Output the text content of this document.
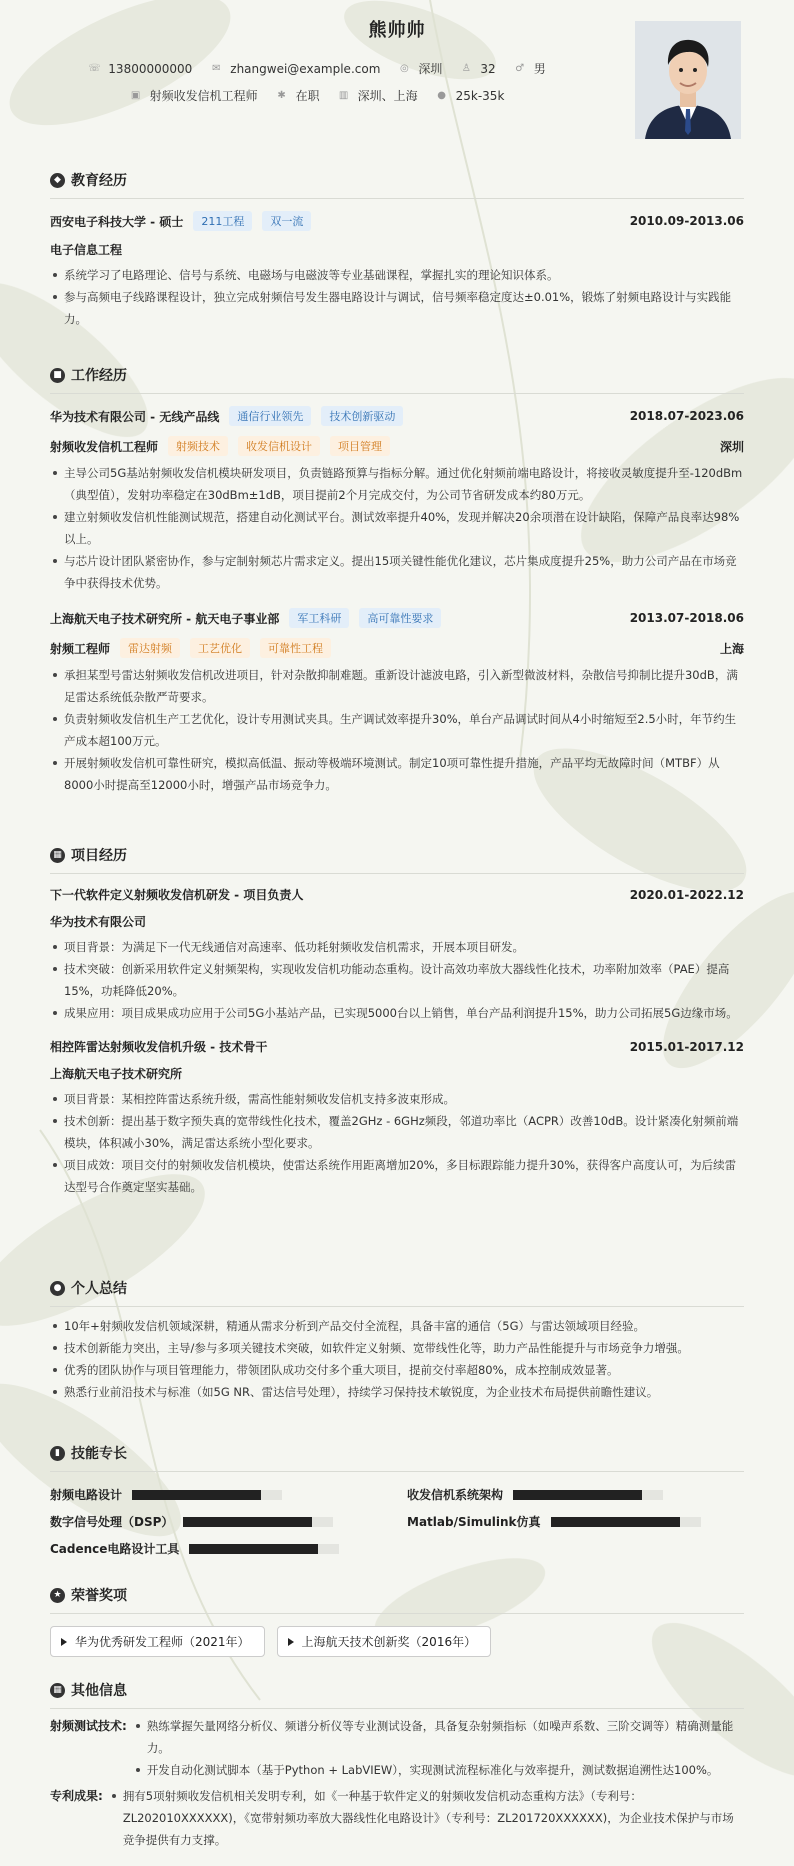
熊帅帅
☏ 13800000000 ✉ zhangwei@example.com ◎ 深圳 ♙ 32 ♂ 男
▣ 射频收发信机工程师 ✱ 在职 ▥ 深圳、上海 ● 25k-35k
◆ 教育经历
西安电子科技大学 - 硕士	211工程	双一流	2010.09-2013.06
电子信息工程
系统学习了电路理论、信号与系统、电磁场与电磁波等专业基础课程，掌握扎实的理论知识体系。
参与高频电子线路课程设计，独立完成射频信号发生器电路设计与调试，信号频率稳定度达±0.01%，锻炼了射频电路设计与实践能力。
■ 工作经历
华为技术有限公司 - 无线产品线	通信行业领先	技术创新驱动	2018.07-2023.06
射频收发信机工程师	射频技术	收发信机设计	项目管理	深圳
主导公司5G基站射频收发信机模块研发项目，负责链路预算与指标分解。通过优化射频前端电路设计，将接收灵敏度提升至-120dBm（典型值），发射功率稳定在30dBm±1dB，项目提前2个月完成交付，为公司节省研发成本约80万元。
建立射频收发信机性能测试规范，搭建自动化测试平台。测试效率提升40%，发现并解决20余项潜在设计缺陷，保障产品良率达98%以上。
与芯片设计团队紧密协作，参与定制射频芯片需求定义。提出15项关键性能优化建议，芯片集成度提升25%，助力公司产品在市场竞争中获得技术优势。
上海航天电子技术研究所 - 航天电子事业部	军工科研	高可靠性要求	2013.07-2018.06
射频工程师	雷达射频	工艺优化	可靠性工程	上海
承担某型号雷达射频收发信机改进项目，针对杂散抑制难题。重新设计滤波电路，引入新型微波材料，杂散信号抑制比提升30dB，满足雷达系统低杂散严苛要求。
负责射频收发信机生产工艺优化，设计专用测试夹具。生产调试效率提升30%，单台产品调试时间从4小时缩短至2.5小时，年节约生产成本超100万元。
开展射频收发信机可靠性研究，模拟高低温、振动等极端环境测试。制定10项可靠性提升措施，产品平均无故障时间（MTBF）从8000小时提高至12000小时，增强产品市场竞争力。
▦ 项目经历
下一代软件定义射频收发信机研发 - 项目负责人	2020.01-2022.12
华为技术有限公司
项目背景：为满足下一代无线通信对高速率、低功耗射频收发信机需求，开展本项目研发。
技术突破：创新采用软件定义射频架构，实现收发信机功能动态重构。设计高效功率放大器线性化技术，功率附加效率（PAE）提高15%，功耗降低20%。
成果应用：项目成果成功应用于公司5G小基站产品，已实现5000台以上销售，单台产品利润提升15%，助力公司拓展5G边缘市场。
相控阵雷达射频收发信机升级 - 技术骨干	2015.01-2017.12
上海航天电子技术研究所
项目背景：某相控阵雷达系统升级，需高性能射频收发信机支持多波束形成。
技术创新：提出基于数字预失真的宽带线性化技术，覆盖2GHz - 6GHz频段，邻道功率比（ACPR）改善10dB。设计紧凑化射频前端模块，体积减小30%，满足雷达系统小型化要求。
项目成效：项目交付的射频收发信机模块，使雷达系统作用距离增加20%，多目标跟踪能力提升30%，获得客户高度认可，为后续雷达型号合作奠定坚实基础。
● 个人总结
10年+射频收发信机领域深耕，精通从需求分析到产品交付全流程，具备丰富的通信（5G）与雷达领域项目经验。
技术创新能力突出，主导/参与多项关键技术突破，如软件定义射频、宽带线性化等，助力产品性能提升与市场竞争力增强。
优秀的团队协作与项目管理能力，带领团队成功交付多个重大项目，提前交付率超80%，成本控制成效显著。
熟悉行业前沿技术与标准（如5G NR、雷达信号处理），持续学习保持技术敏锐度，为企业技术布局提供前瞻性建议。
▮ 技能专长
射频电路设计	收发信机系统架构
数字信号处理（DSP）	Matlab/Simulink仿真
Cadence电路设计工具
★ 荣誉奖项
华为优秀研发工程师（2021年）	上海航天技术创新奖（2016年）
▦ 其他信息
射频测试技术:	熟练掌握矢量网络分析仪、频谱分析仪等专业测试设备，具备复杂射频指标（如噪声系数、三阶交调等）精确测量能力。
开发自动化测试脚本（基于Python + LabVIEW），实现测试流程标准化与效率提升，测试数据追溯性达100%。
专利成果:	拥有5项射频收发信机相关发明专利，如《一种基于软件定义的射频收发信机动态重构方法》（专利号：ZL202010XXXXXX)，《宽带射频功率放大器线性化电路设计》（专利号：ZL201720XXXXXX)，为企业技术保护与市场竞争提供有力支撑。
